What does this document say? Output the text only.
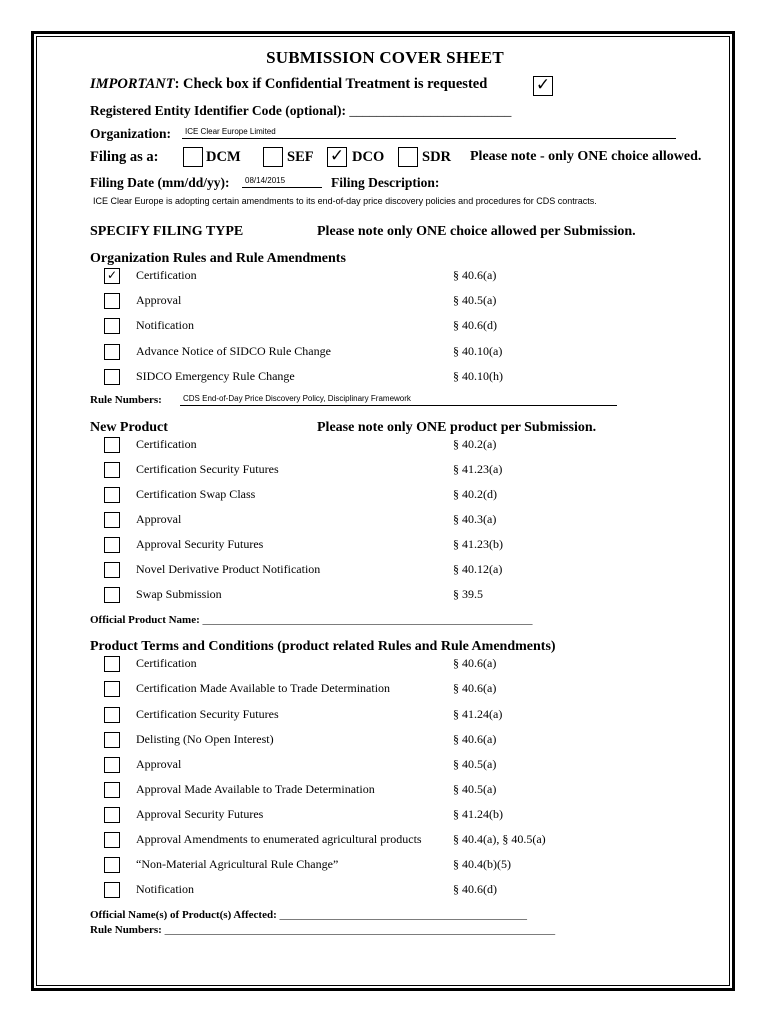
SUBMISSION COVER SHEET
IMPORTANT: Check box if Confidential Treatment is requested	✓
Registered Entity Identifier Code (optional): ________________________
Organization: ICE Clear Europe Limited
Filing as a:	DCM	SEF ✓ DCO	SDR Please note - only ONE choice allowed.
Filing Date (mm/dd/yy): 08/14/2015	Filing Description:
ICE Clear Europe is adopting certain amendments to its end-of-day price discovery policies and procedures for CDS contracts.
SPECIFY FILING TYPE	Please note only ONE choice allowed per Submission.
Organization Rules and Rule Amendments
✓ Certification	§ 40.6(a)
Approval	§ 40.5(a)
Notification	§ 40.6(d)
Advance Notice of SIDCO Rule Change	§ 40.10(a)
SIDCO Emergency Rule Change	§ 40.10(h)
Rule Numbers:	CDS End-of-Day Price Discovery Policy, Disciplinary Framework
New Product	Please note only ONE product per Submission.
Certification	§ 40.2(a)
Certification Security Futures	§ 41.23(a)
Certification Swap Class	§ 40.2(d)
Approval	§ 40.3(a)
Approval Security Futures	§ 41.23(b)
Novel Derivative Product Notification	§ 40.12(a)
Swap Submission	§ 39.5
Official Product Name: ____________________________________________________________
Product Terms and Conditions (product related Rules and Rule Amendments)
Certification	§ 40.6(a)
Certification Made Available to Trade Determination	§ 40.6(a)
Certification Security Futures	§ 41.24(a)
Delisting (No Open Interest)	§ 40.6(a)
Approval	§ 40.5(a)
Approval Made Available to Trade Determination	§ 40.5(a)
Approval Security Futures	§ 41.24(b)
Approval Amendments to enumerated agricultural products	§ 40.4(a), § 40.5(a)
“Non-Material Agricultural Rule Change”	§ 40.4(b)(5)
Notification	§ 40.6(d)
Official Name(s) of Product(s) Affected: _____________________________________________
Rule Numbers: _______________________________________________________________________
